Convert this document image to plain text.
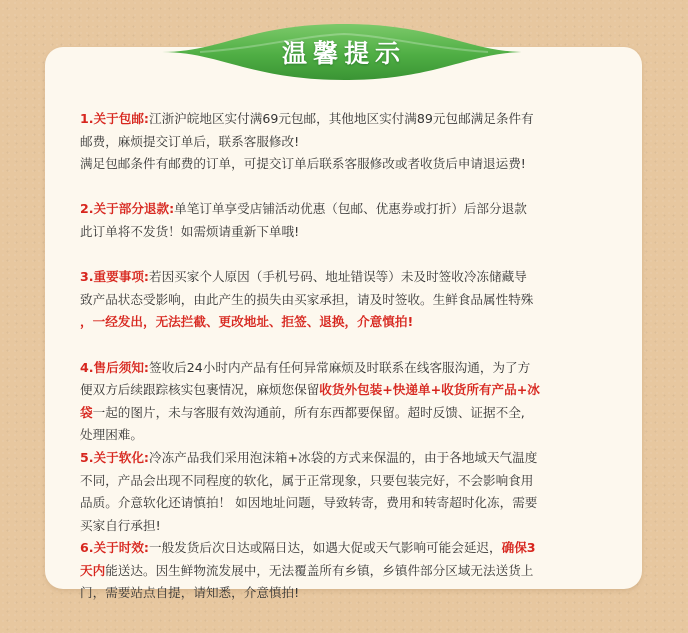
温馨提示

1.关于包邮:江浙沪皖地区实付满69元包邮，其他地区实付满89元包邮满足条件有
邮费，麻烦提交订单后，联系客服修改!
满足包邮条件有邮费的订单，可提交订单后联系客服修改或者收货后申请退运费!

2.关于部分退款:单笔订单享受店铺活动优惠（包邮、优惠券或打折）后部分退款
此订单将不发货！如需烦请重新下单哦!

3.重要事项:若因买家个人原因（手机号码、地址错误等）未及时签收冷冻储藏导
致产品状态受影响，由此产生的损失由买家承担，请及时签收。生鲜食品属性特殊
，一经发出，无法拦截、更改地址、拒签、退换，介意慎拍!

4.售后须知:签收后24小时内产品有任何异常麻烦及时联系在线客服沟通，为了方
便双方后续跟踪核实包裹情况，麻烦您保留收货外包装+快递单+收货所有产品+冰
袋一起的图片，未与客服有效沟通前，所有东西都要保留。超时反馈、证据不全,
处理困难。

5.关于软化:冷冻产品我们采用泡沫箱+冰袋的方式来保温的，由于各地域天气温度
不同，产品会出现不同程度的软化，属于正常现象，只要包装完好，不会影响食用
品质。介意软化还请慎拍！ 如因地址问题，导致转寄，费用和转寄超时化冻，需要
买家自行承担!

6.关于时效:一般发货后次日达或隔日达，如遇大促或天气影响可能会延迟，确保3
天内能送达。因生鲜物流发展中，无法覆盖所有乡镇，乡镇件部分区域无法送货上
门，需要站点自提，请知悉，介意慎拍!
